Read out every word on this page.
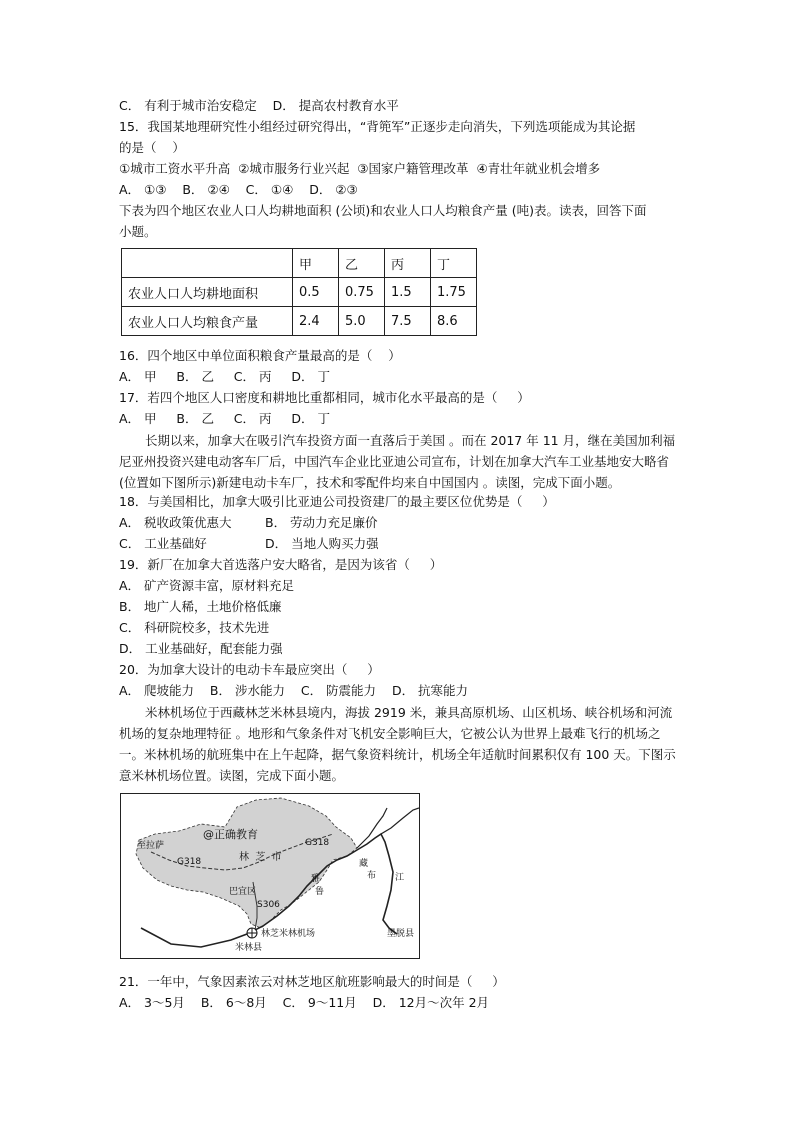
C． 有利于城市治安稳定    D． 提高农村教育水平
15．我国某地理研究性小组经过研究得出，“背篼军”正逐步走向消失，下列选项能成为其论据
的是（    ）
①城市工资水平升高  ②城市服务行业兴起  ③国家户籍管理改革  ④青壮年就业机会增多
A． ①③    B． ②④    C． ①④    D． ②③
下表为四个地区农业人口人均耕地面积 (公顷)和农业人口人均粮食产量 (吨)表。读表，回答下面
小题。
	甲	乙	丙	丁
农业人口人均耕地面积	0.5	0.75	1.5	1.75
农业人口人均粮食产量	2.4	5.0	7.5	8.6
16．四个地区中单位面积粮食产量最高的是（    ）
A． 甲     B． 乙     C． 丙     D． 丁
17．若四个地区人口密度和耕地比重都相同，城市化水平最高的是（     ）
A． 甲     B． 乙     C． 丙     D． 丁
长期以来，加拿大在吸引汽车投资方面一直落后于美国 。而在 2017 年 11 月，继在美国加利福尼亚州投资兴建电动客车厂后，中国汽车企业比亚迪公司宣布，计划在加拿大汽车工业基地安大略省(位置如下图所示)新建电动卡车厂，技术和零配件均来自中国国内 。读图，完成下面小题。
18．与美国相比，加拿大吸引比亚迪公司投资建厂的最主要区位优势是（     ）
A． 税收政策优惠大	B． 劳动力充足廉价
C． 工业基础好	D． 当地人购买力强
19．新厂在加拿大首选落户安大略省，是因为该省（     ）
A． 矿产资源丰富，原材料充足
B． 地广人稀，土地价格低廉
C． 科研院校多，技术先进
D． 工业基础好，配套能力强
20．为加拿大设计的电动卡车最应突出（     ）
A． 爬坡能力    B． 涉水能力    C． 防震能力    D． 抗寒能力
米林机场位于西藏林芝米林县境内，海拔 2919 米，兼具高原机场、山区机场、峡谷机场和河流机场的复杂地理特征 。地形和气象条件对飞机安全影响巨大，它被公认为世界上最难飞行的机场之一。米林机场的航班集中在上午起降，据气象资料统计，机场全年适航时间累积仅有 100 天。下图示意米林机场位置。读图，完成下面小题。
@正确教育
至拉萨
G318
G318
林  芝  市
巴宜区
S306
雅
鲁
藏
布 江
林芝米林机场
米林县
墨脱县
21．一年中，气象因素浓云对林芝地区航班影响最大的时间是（     ）
A． 3～5月    B． 6～8月    C． 9～11月    D． 12月～次年 2月
